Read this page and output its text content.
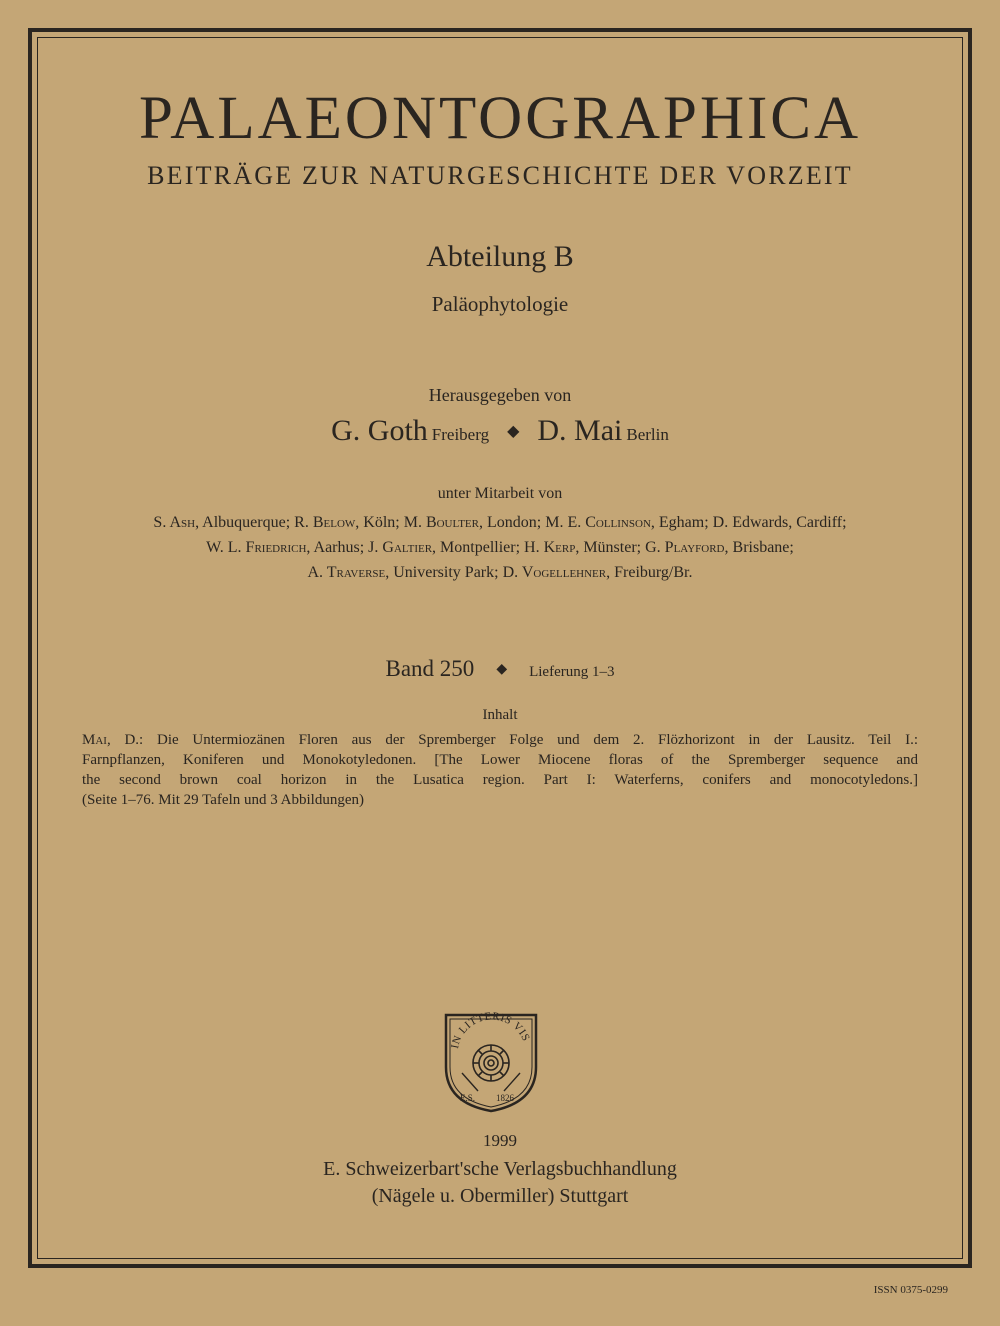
PALAEONTOGRAPHICA
BEITRÄGE ZUR NATURGESCHICHTE DER VORZEIT
Abteilung B
Paläophytologie
Herausgegeben von
G. Goth Freiberg ◆ D. Mai Berlin
unter Mitarbeit von
S. Ash, Albuquerque; R. Below, Köln; M. Boulter, London; M. E. Collinson, Egham; D. Edwards, Cardiff;
W. L. Friedrich, Aarhus; J. Galtier, Montpellier; H. Kerp, Münster; G. Playford, Brisbane;
A. Traverse, University Park; D. Vogellehner, Freiburg/Br.
Band 250 ◆ Lieferung 1–3
Inhalt
Mai, D.: Die Untermiozänen Floren aus der Spremberger Folge und dem 2. Flözhorizont in der Lausitz. Teil I.:
Farnpflanzen, Koniferen und Monokotyledonen. [The Lower Miocene floras of the Spremberger sequence and
the second brown coal horizon in the Lusatica region. Part I: Waterferns, conifers and monocotyledons.]
(Seite 1–76. Mit 29 Tafeln und 3 Abbildungen)
IN LITTERIS VIS
E.S. 1826
1999
E. Schweizerbart'sche Verlagsbuchhandlung
(Nägele u. Obermiller) Stuttgart
ISSN 0375-0299
